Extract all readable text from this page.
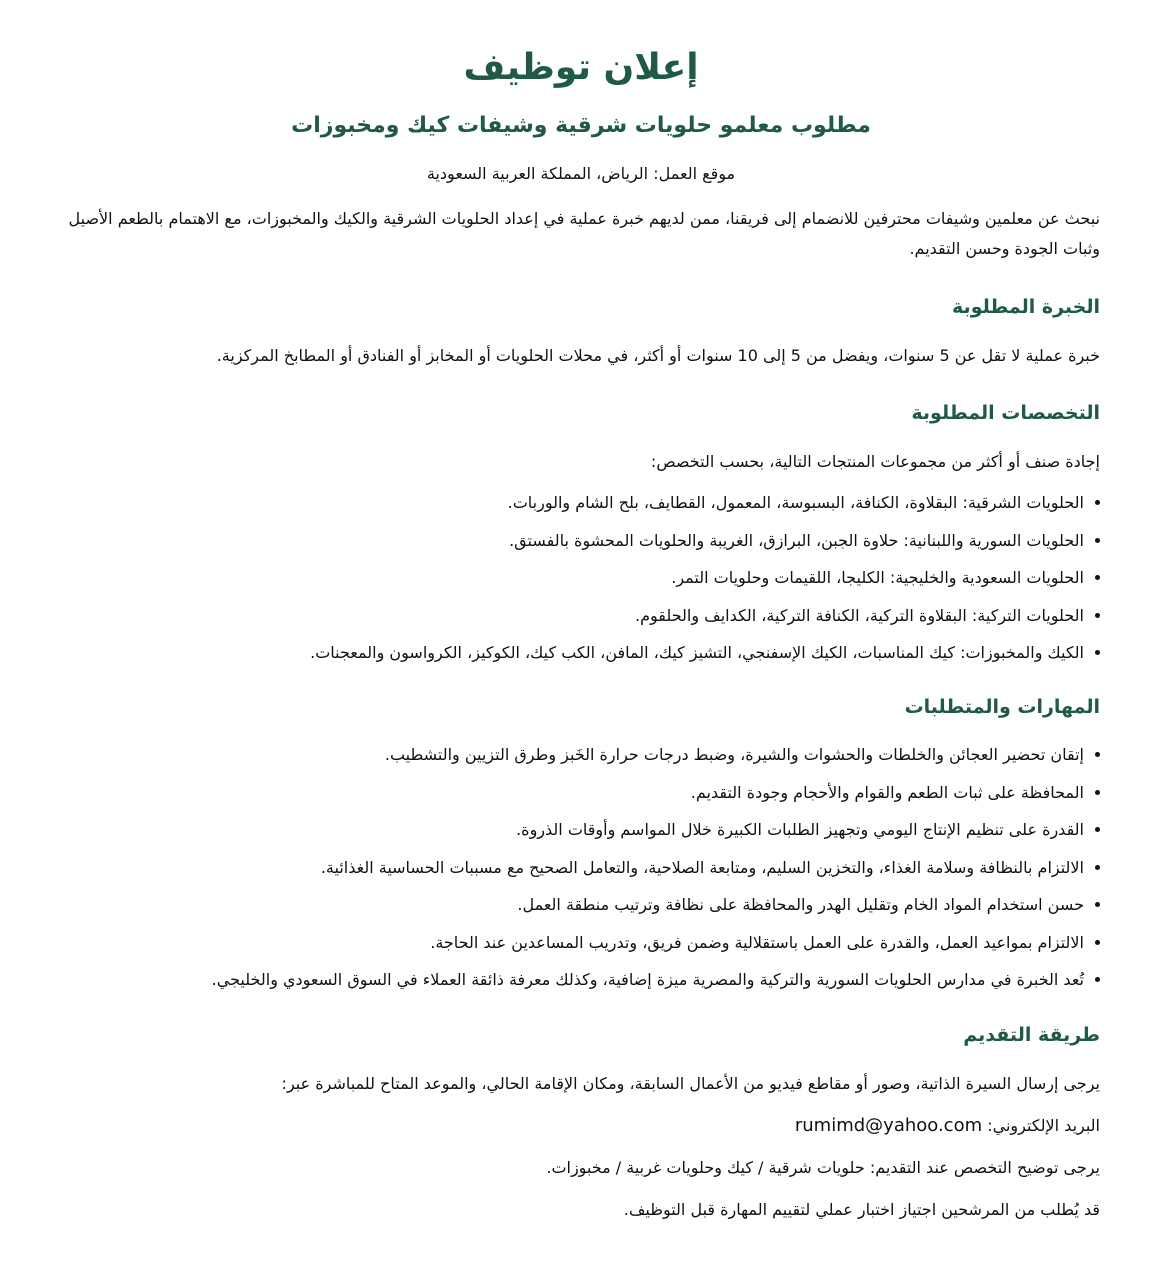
إعلان توظيف
مطلوب معلمو حلويات شرقية وشيفات كيك ومخبوزات

موقع العمل: الرياض، المملكة العربية السعودية

نبحث عن معلمين وشيفات محترفين للانضمام إلى فريقنا، ممن لديهم خبرة عملية في إعداد الحلويات الشرقية والكيك والمخبوزات، مع الاهتمام بالطعم الأصيل وثبات الجودة وحسن التقديم.

الخبرة المطلوبة

خبرة عملية لا تقل عن 5 سنوات، ويفضل من 5 إلى 10 سنوات أو أكثر، في محلات الحلويات أو المخابز أو الفنادق أو المطابخ المركزية.

التخصصات المطلوبة

إجادة صنف أو أكثر من مجموعات المنتجات التالية، بحسب التخصص:

الحلويات الشرقية: البقلاوة، الكنافة، البسبوسة، المعمول، القطايف، بلح الشام والوربات.
الحلويات السورية واللبنانية: حلاوة الجبن، البرازق، الغريبة والحلويات المحشوة بالفستق.
الحلويات السعودية والخليجية: الكليجا، اللقيمات وحلويات التمر.
الحلويات التركية: البقلاوة التركية، الكنافة التركية، الكدايف والحلقوم.
الكيك والمخبوزات: كيك المناسبات، الكيك الإسفنجي، التشيز كيك، المافن، الكب كيك، الكوكيز، الكرواسون والمعجنات.
المهارات والمتطلبات
إتقان تحضير العجائن والخلطات والحشوات والشيرة، وضبط درجات حرارة الخَبز وطرق التزيين والتشطيب.
المحافظة على ثبات الطعم والقوام والأحجام وجودة التقديم.
القدرة على تنظيم الإنتاج اليومي وتجهيز الطلبات الكبيرة خلال المواسم وأوقات الذروة.
الالتزام بالنظافة وسلامة الغذاء، والتخزين السليم، ومتابعة الصلاحية، والتعامل الصحيح مع مسببات الحساسية الغذائية.
حسن استخدام المواد الخام وتقليل الهدر والمحافظة على نظافة وترتيب منطقة العمل.
الالتزام بمواعيد العمل، والقدرة على العمل باستقلالية وضمن فريق، وتدريب المساعدين عند الحاجة.
تُعد الخبرة في مدارس الحلويات السورية والتركية والمصرية ميزة إضافية، وكذلك معرفة ذائقة العملاء في السوق السعودي والخليجي.
طريقة التقديم

يرجى إرسال السيرة الذاتية، وصور أو مقاطع فيديو من الأعمال السابقة، ومكان الإقامة الحالي، والموعد المتاح للمباشرة عبر:

البريد الإلكتروني: rumimd@yahoo.com

يرجى توضيح التخصص عند التقديم: حلويات شرقية / كيك وحلويات غربية / مخبوزات.

قد يُطلب من المرشحين اجتياز اختبار عملي لتقييم المهارة قبل التوظيف.
